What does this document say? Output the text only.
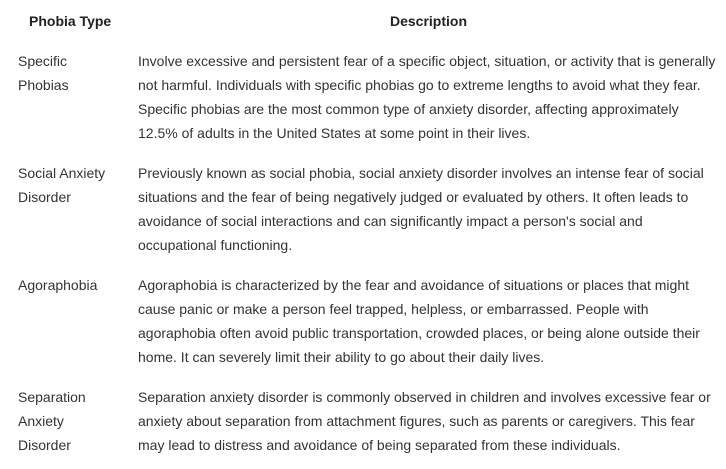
Phobia Type	Description
Specific
Phobias
Involve excessive and persistent fear of a specific object, situation, or activity that is generally not harmful. Individuals with specific phobias go to extreme lengths to avoid what they fear. Specific phobias are the most common type of anxiety disorder, affecting approximately 12.5% of adults in the United States at some point in their lives.
Social Anxiety
Disorder
Previously known as social phobia, social anxiety disorder involves an intense fear of social situations and the fear of being negatively judged or evaluated by others. It often leads to avoidance of social interactions and can significantly impact a person's social and occupational functioning.
Agoraphobia	Agoraphobia is characterized by the fear and avoidance of situations or places that might cause panic or make a person feel trapped, helpless, or embarrassed. People with agoraphobia often avoid public transportation, crowded places, or being alone outside their home. It can severely limit their ability to go about their daily lives.
Separation
Anxiety
Disorder
Separation anxiety disorder is commonly observed in children and involves excessive fear or anxiety about separation from attachment figures, such as parents or caregivers. This fear may lead to distress and avoidance of being separated from these individuals.
